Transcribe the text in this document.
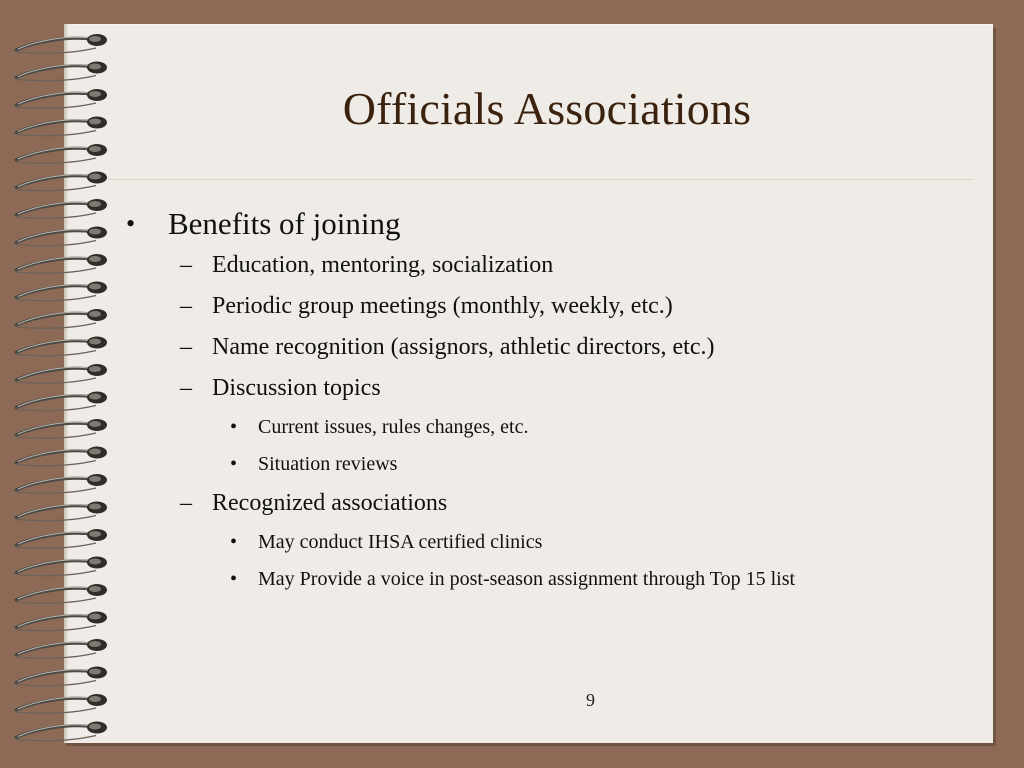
Officials Associations
• Benefits of joining
– Education, mentoring, socialization
– Periodic group meetings (monthly, weekly, etc.)
– Name recognition (assignors, athletic directors, etc.)
– Discussion topics
• Current issues, rules changes, etc.
• Situation reviews
– Recognized associations
• May conduct IHSA certified clinics
• May Provide a voice in post-season assignment through Top 15 list
9
